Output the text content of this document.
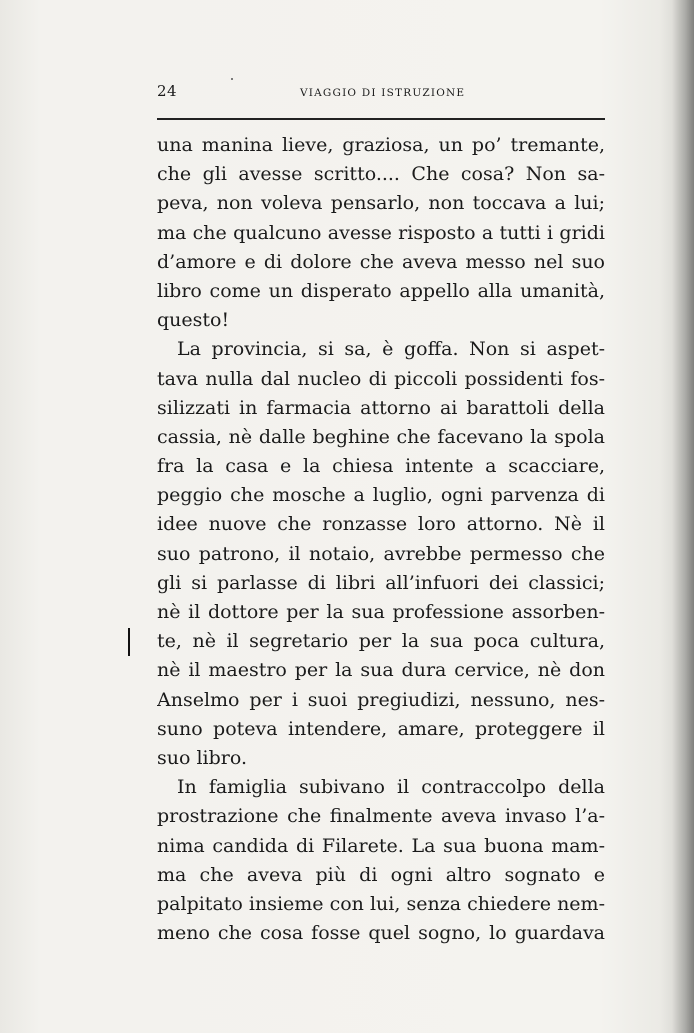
24	VIAGGIO DI ISTRUZIONE
una manina lieve, graziosa, un po’ tremante,
che gli avesse scritto.... Che cosa? Non sa-
peva, non voleva pensarlo, non toccava a lui;
ma che qualcuno avesse risposto a tutti i gridi
d’amore e di dolore che aveva messo nel suo
libro come un disperato appello alla umanità,
questo!
La provincia, si sa, è goffa. Non si aspet-
tava nulla dal nucleo di piccoli possidenti fos-
silizzati in farmacia attorno ai barattoli della
cassia, nè dalle beghine che facevano la spola
fra la casa e la chiesa intente a scacciare,
peggio che mosche a luglio, ogni parvenza di
idee nuove che ronzasse loro attorno. Nè il
suo patrono, il notaio, avrebbe permesso che
gli si parlasse di libri all’infuori dei classici;
nè il dottore per la sua professione assorben-
te, nè il segretario per la sua poca cultura,
nè il maestro per la sua dura cervice, nè don
Anselmo per i suoi pregiudizi, nessuno, nes-
suno poteva intendere, amare, proteggere il
suo libro.
In famiglia subivano il contraccolpo della
prostrazione che finalmente aveva invaso l’a-
nima candida di Filarete. La sua buona mam-
ma che aveva più di ogni altro sognato e
palpitato insieme con lui, senza chiedere nem-
meno che cosa fosse quel sogno, lo guardava
